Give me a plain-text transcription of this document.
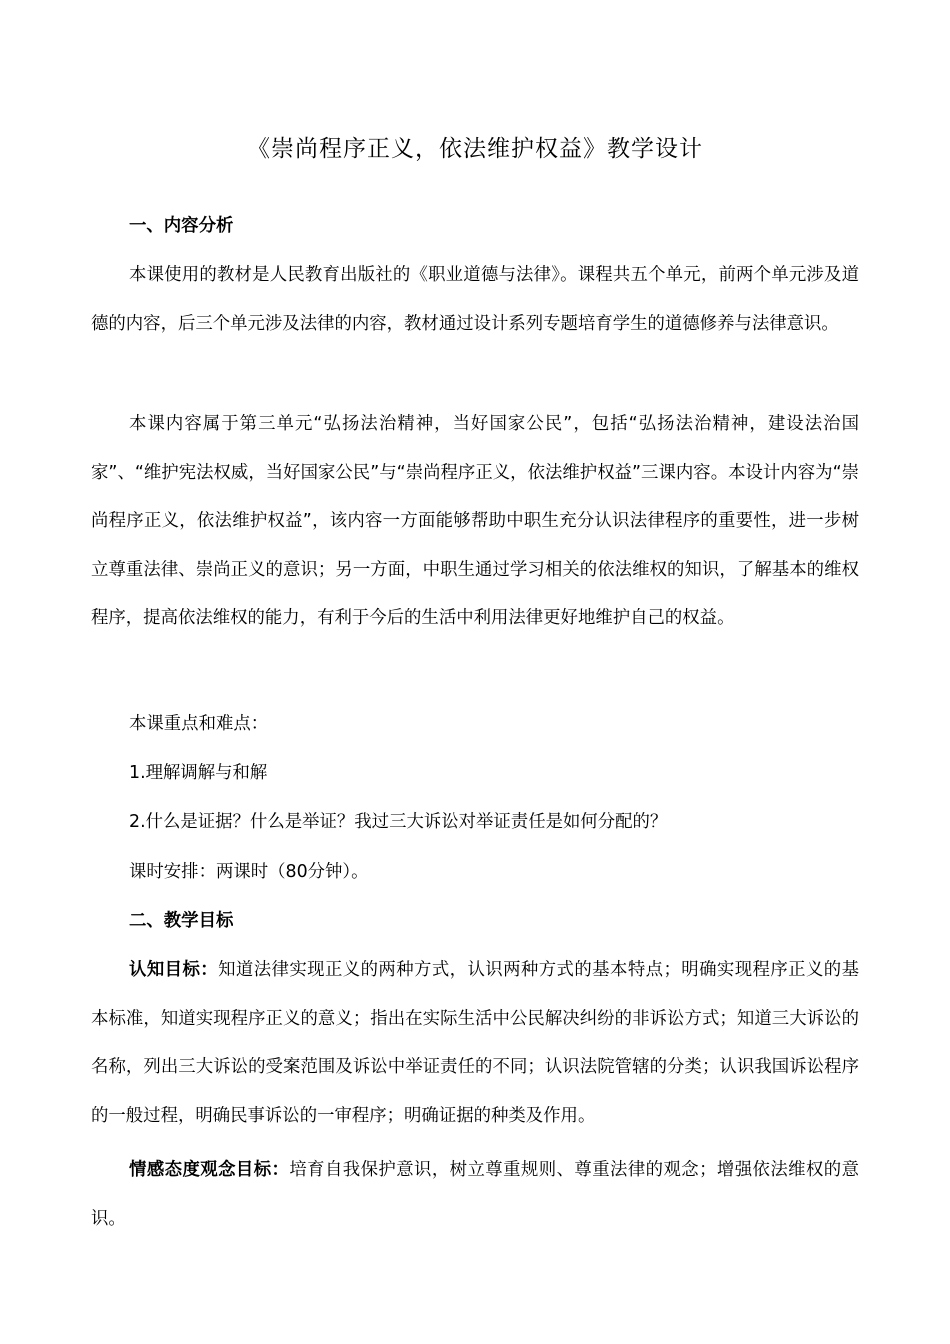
《崇尚程序正义，依法维护权益》教学设计
一、内容分析

本课使用的教材是人民教育出版社的《职业道德与法律》。课程共五个单元，前两个单元涉及道德的内容，后三个单元涉及法律的内容，教材通过设计系列专题培育学生的道德修养与法律意识。

本课内容属于第三单元“弘扬法治精神，当好国家公民”，包括“弘扬法治精神，建设法治国家”、“维护宪法权威，当好国家公民”与“崇尚程序正义，依法维护权益”三课内容。本设计内容为“崇尚程序正义，依法维护权益”，该内容一方面能够帮助中职生充分认识法律程序的重要性，进一步树立尊重法律、崇尚正义的意识；另一方面，中职生通过学习相关的依法维权的知识，了解基本的维权程序，提高依法维权的能力，有利于今后的生活中利用法律更好地维护自己的权益。

本课重点和难点：
1.理解调解与和解
2.什么是证据？什么是举证？我过三大诉讼对举证责任是如何分配的？
课时安排：两课时（80分钟）。
二、教学目标

认知目标：知道法律实现正义的两种方式，认识两种方式的基本特点；明确实现程序正义的基本标准，知道实现程序正义的意义；指出在实际生活中公民解决纠纷的非诉讼方式；知道三大诉讼的名称，列出三大诉讼的受案范围及诉讼中举证责任的不同；认识法院管辖的分类；认识我国诉讼程序的一般过程，明确民事诉讼的一审程序；明确证据的种类及作用。

情感态度观念目标：培育自我保护意识，树立尊重规则、尊重法律的观念；增强依法维权的意识。
